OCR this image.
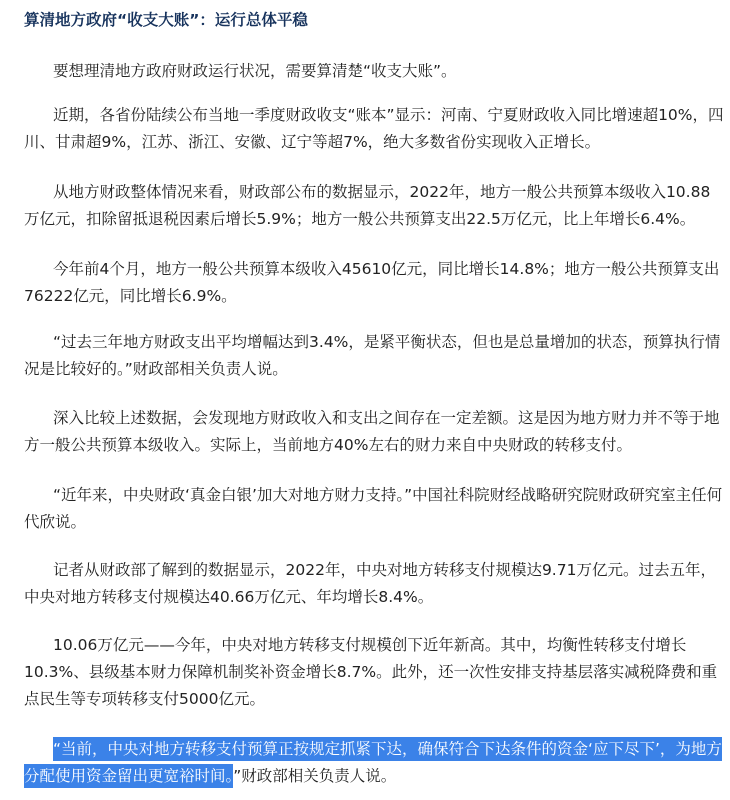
算清地方政府“收支大账”：运行总体平稳

要想理清地方政府财政运行状况，需要算清楚“收支大账”。

近期，各省份陆续公布当地一季度财政收支“账本”显示：河南、宁夏财政收入同比增速超10%，四川、甘肃超9%，江苏、浙江、安徽、辽宁等超7%，绝大多数省份实现收入正增长。

从地方财政整体情况来看，财政部公布的数据显示，2022年，地方一般公共预算本级收入10.88万亿元，扣除留抵退税因素后增长5.9%；地方一般公共预算支出22.5万亿元，比上年增长6.4%。

今年前4个月，地方一般公共预算本级收入45610亿元，同比增长14.8%；地方一般公共预算支出76222亿元，同比增长6.9%。

“过去三年地方财政支出平均增幅达到3.4%，是紧平衡状态，但也是总量增加的状态，预算执行情况是比较好的。”财政部相关负责人说。

深入比较上述数据，会发现地方财政收入和支出之间存在一定差额。这是因为地方财力并不等于地方一般公共预算本级收入。实际上，当前地方40%左右的财力来自中央财政的转移支付。

“近年来，中央财政‘真金白银’加大对地方财力支持。”中国社科院财经战略研究院财政研究室主任何代欣说。

记者从财政部了解到的数据显示，2022年，中央对地方转移支付规模达9.71万亿元。过去五年，中央对地方转移支付规模达40.66万亿元、年均增长8.4%。

10.06万亿元——今年，中央对地方转移支付规模创下近年新高。其中，均衡性转移支付增长10.3%、县级基本财力保障机制奖补资金增长8.7%。此外，还一次性安排支持基层落实减税降费和重点民生等专项转移支付5000亿元。

“当前，中央对地方转移支付预算正按规定抓紧下达，确保符合下达条件的资金‘应下尽下’，为地方分配使用资金留出更宽裕时间。”财政部相关负责人说。
